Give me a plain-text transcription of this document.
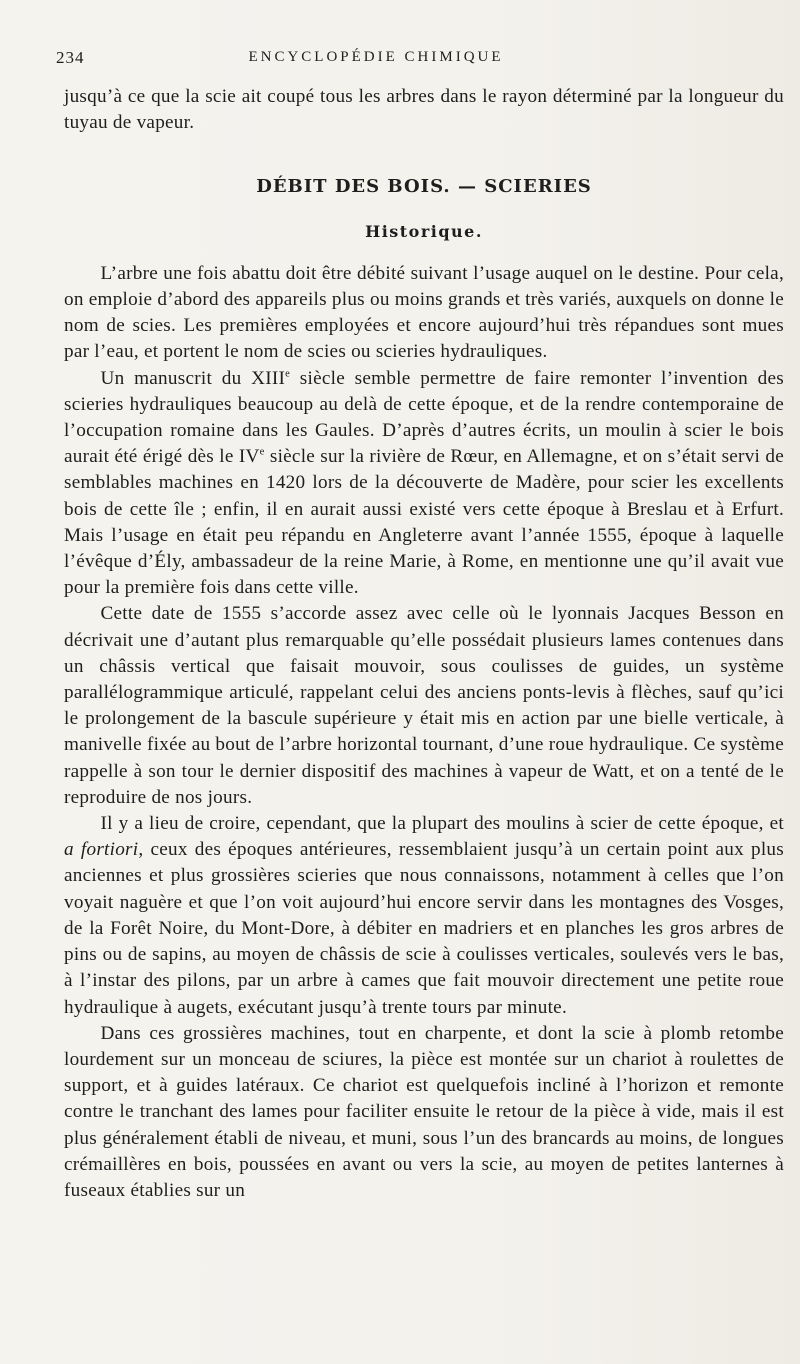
234	ENCYCLOPÉDIE CHIMIQUE

jusqu’à ce que la scie ait coupé tous les arbres dans le rayon déterminé par la longueur du tuyau de vapeur.

DÉBIT DES BOIS. — SCIERIES
Historique.

L’arbre une fois abattu doit être débité suivant l’usage auquel on le destine. Pour cela, on emploie d’abord des appareils plus ou moins grands et très variés, auxquels on donne le nom de scies. Les premières employées et encore aujourd’hui très répandues sont mues par l’eau, et portent le nom de scies ou scieries hydrauliques.

Un manuscrit du XIIIe siècle semble permettre de faire remonter l’invention des scieries hydrauliques beaucoup au delà de cette époque, et de la rendre contemporaine de l’occupation romaine dans les Gaules. D’après d’autres écrits, un moulin à scier le bois aurait été érigé dès le IVe siècle sur la rivière de Rœur, en Allemagne, et on s’était servi de semblables machines en 1420 lors de la découverte de Madère, pour scier les excellents bois de cette île ; enfin, il en aurait aussi existé vers cette époque à Breslau et à Erfurt. Mais l’usage en était peu répandu en Angleterre avant l’année 1555, époque à laquelle l’évêque d’Ély, ambassadeur de la reine Marie, à Rome, en mentionne une qu’il avait vue pour la première fois dans cette ville.

Cette date de 1555 s’accorde assez avec celle où le lyonnais Jacques Besson en décrivait une d’autant plus remarquable qu’elle possédait plusieurs lames contenues dans un châssis vertical que faisait mouvoir, sous coulisses de guides, un système parallélogrammique articulé, rappelant celui des anciens ponts-levis à flèches, sauf qu’ici le prolongement de la bascule supérieure y était mis en action par une bielle verticale, à manivelle fixée au bout de l’arbre horizontal tournant, d’une roue hydraulique. Ce système rappelle à son tour le dernier dispositif des machines à vapeur de Watt, et on a tenté de le reproduire de nos jours.

Il y a lieu de croire, cependant, que la plupart des moulins à scier de cette époque, et a fortiori, ceux des époques antérieures, ressemblaient jusqu’à un certain point aux plus anciennes et plus grossières scieries que nous connaissons, notamment à celles que l’on voyait naguère et que l’on voit aujourd’hui encore servir dans les montagnes des Vosges, de la Forêt Noire, du Mont-Dore, à débiter en madriers et en planches les gros arbres de pins ou de sapins, au moyen de châssis de scie à coulisses verticales, soulevés vers le bas, à l’instar des pilons, par un arbre à cames que fait mouvoir directement une petite roue hydraulique à augets, exécutant jusqu’à trente tours par minute.

Dans ces grossières machines, tout en charpente, et dont la scie à plomb retombe lourdement sur un monceau de sciures, la pièce est montée sur un chariot à roulettes de support, et à guides latéraux. Ce chariot est quelquefois incliné à l’horizon et remonte contre le tranchant des lames pour faciliter ensuite le retour de la pièce à vide, mais il est plus généralement établi de niveau, et muni, sous l’un des brancards au moins, de longues crémaillères en bois, poussées en avant ou vers la scie, au moyen de petites lanternes à fuseaux établies sur un
